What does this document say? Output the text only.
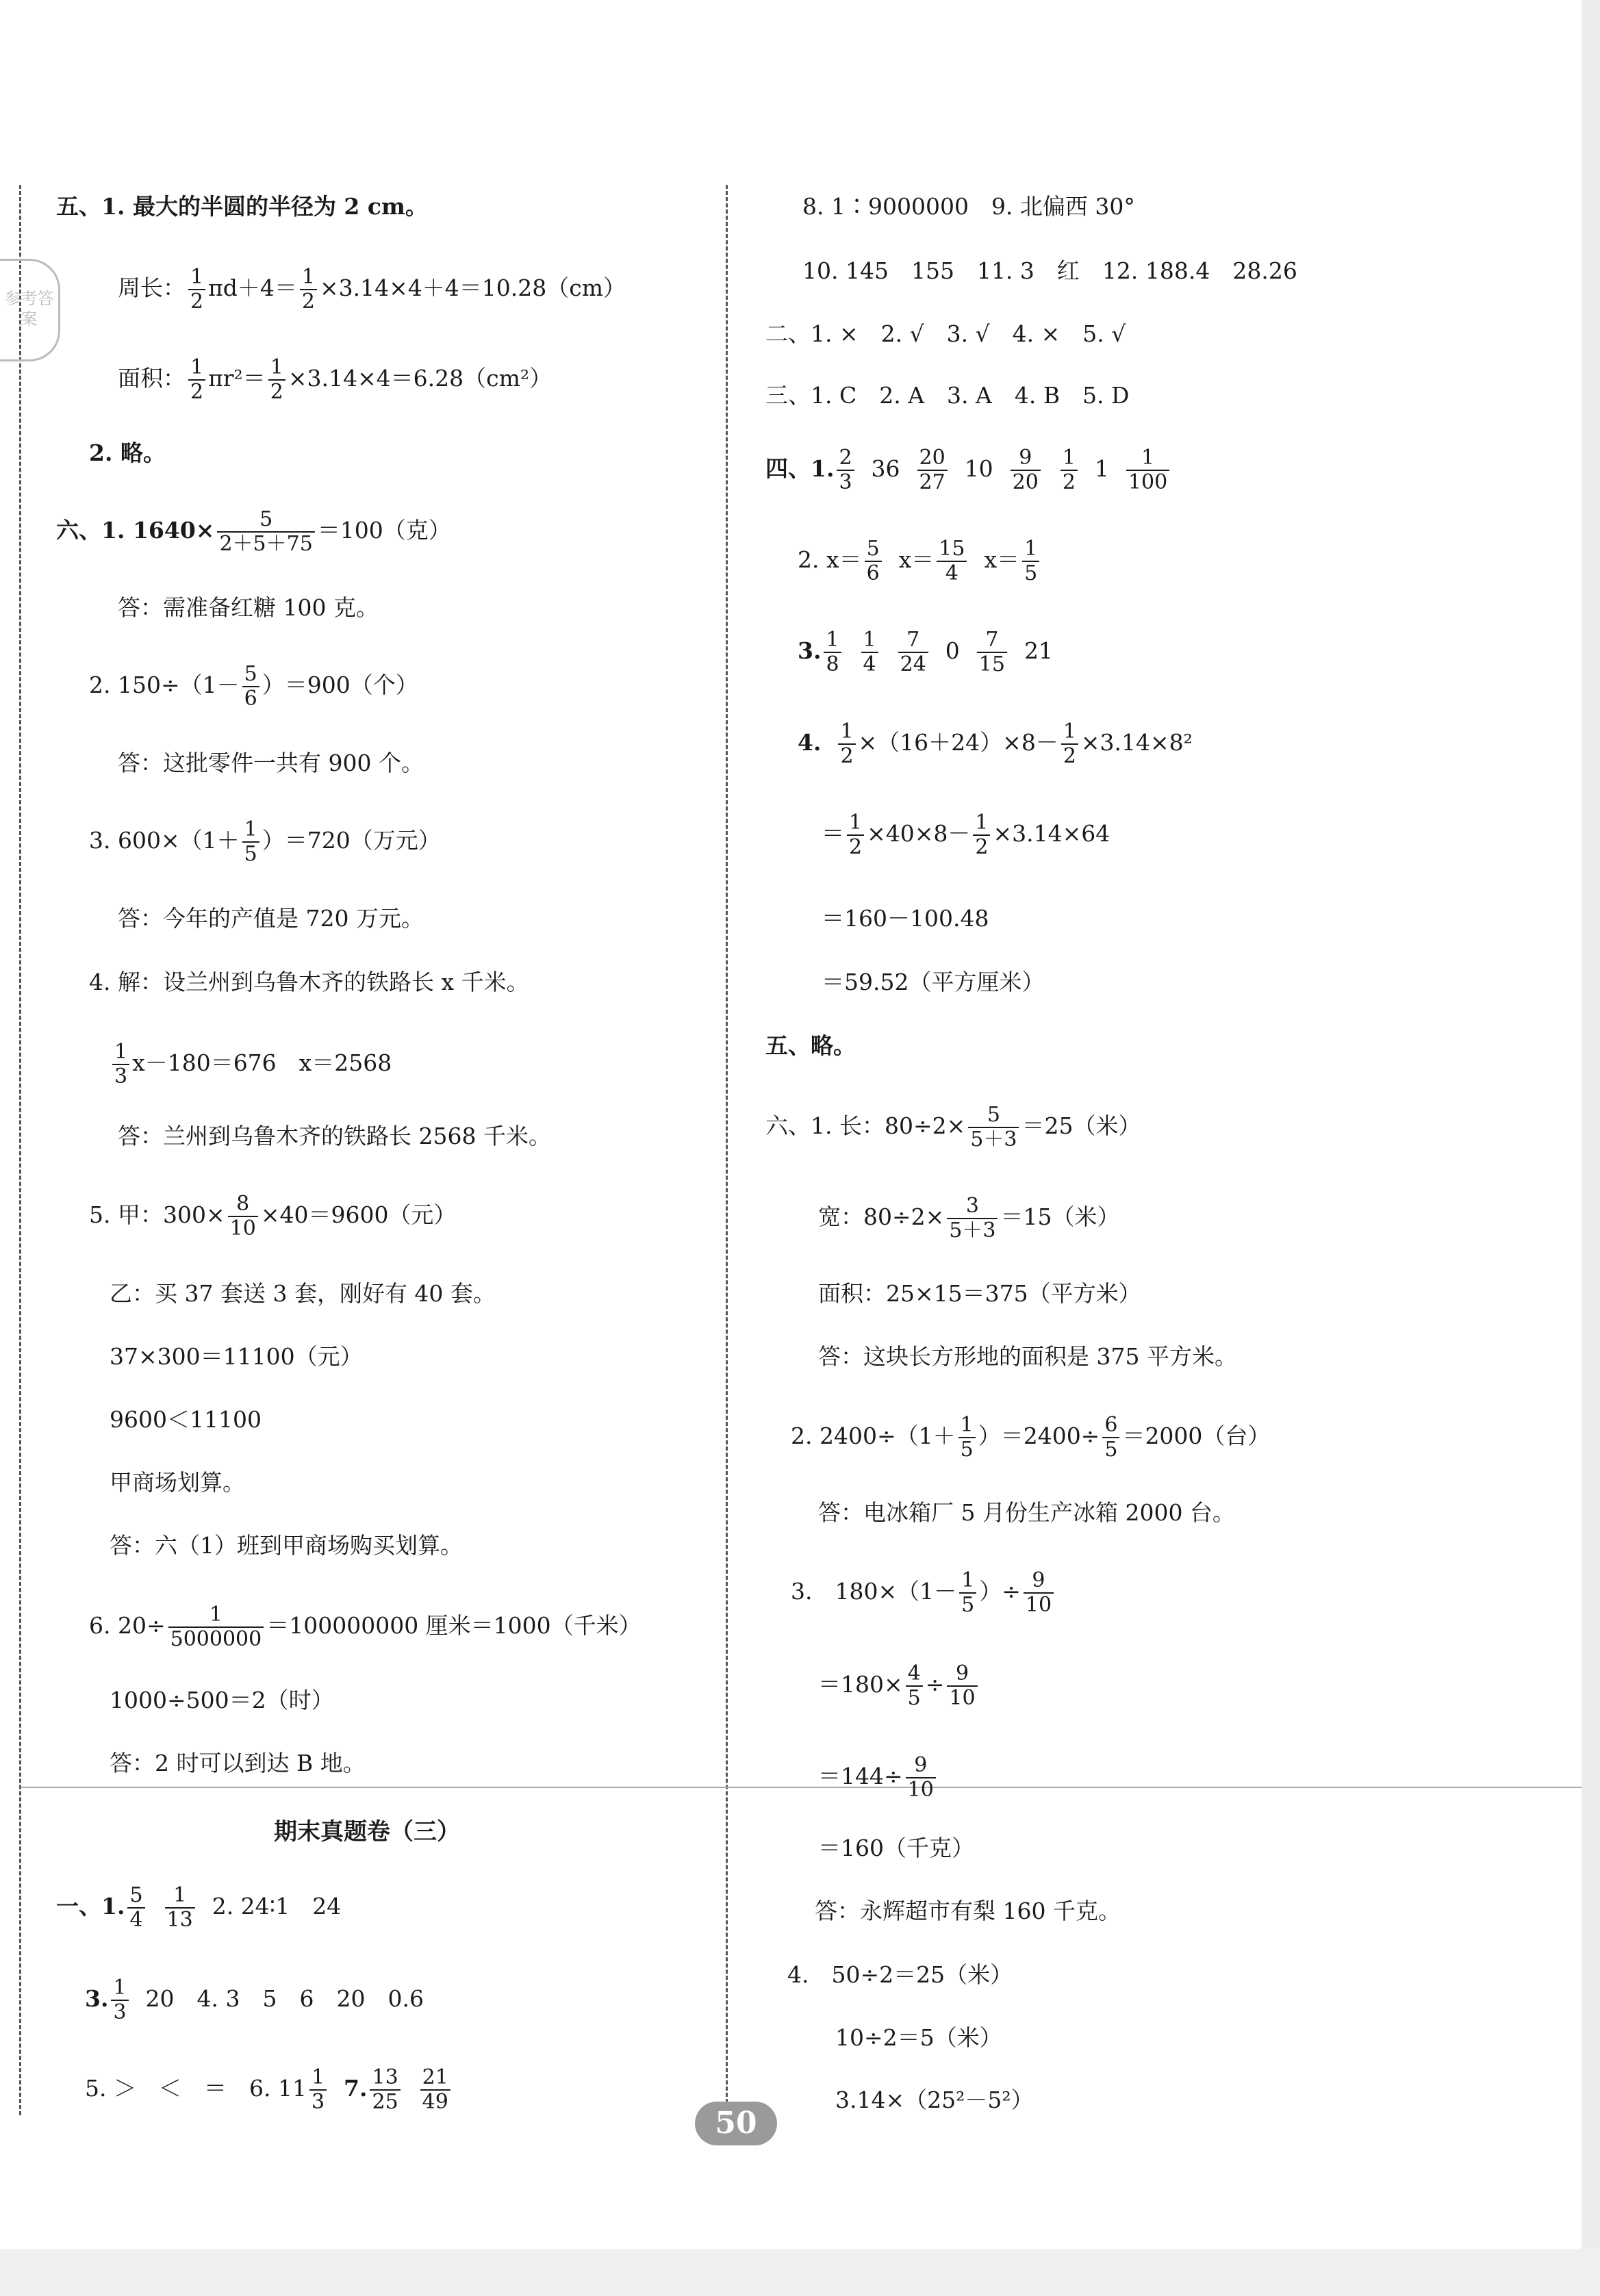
参考答案
五、1. 最大的半圆的半径为 2 cm。
周长： $\frac{1}{2} \pi d+4= \frac{1}{2} \times 3.14\times 4+4=10.28(cm)$
面积： $\frac{1}{2} \pi r^2= \frac{1}{2} \times 3.14\times 4=6.28(cm^2)$
2. 略。
六、1. $1640\times \frac{5}{2+5+75} =100$（克）
答：需准备红糖 100 克。
2. $150\div(1- \frac{5}{6} )=900$（个）
答：这批零件一共有 900 个。
3. $600\times(1+ \frac{1}{5} )=720$（万元）
答：今年的产值是 720 万元。
4. 解：设兰州到乌鲁木齐的铁路长 x 千米。
$\frac{1}{3} x-180=676$　x＝2568
答：兰州到乌鲁木齐的铁路长 2568 千米。
5. 甲：$300\times \frac{8}{10} \times 40=9600$（元）
乙：买 37 套送 3 套，刚好有 40 套。
37×300＝11100（元）
9600＜11100
甲商场划算。
答：六（1）班到甲商场购买划算。
6. $20\div \frac{1}{5000000} =100000000$ 厘米＝1000（千米）
1000÷500＝2（时）
答：2 时可以到达 B 地。
期末真题卷（三）
一、1. $\frac{5}{4}$
$\frac{1}{13} 2$. 24∶1　24
3. $\frac{1}{3} 20$　4. 3　5　6　20　0.6
5. ＞　＜　＝　6. $11 \frac{1}{3} 7$. $\frac{13}{25}$
$\frac{21}{49}$
8. 1∶9000000　9. 北偏西 30°
10. 145　155　11. 3　红　12. 188.4　28.26
二、1. ×　2. √　3. √　4. ×　5. √
三、1. C　2. A　3. A　4. B　5. D
四、1. $\frac{2}{3} 36 \frac{20}{27} 10 \frac{9}{20}$
$\frac{1}{2} 1 \frac{1}{100}$
2. $x= \frac{5}{6} x= \frac{15}{4} x= \frac{1}{5}$
3. $\frac{1}{8}$
$\frac{1}{4}$
$\frac{7}{24} 0 \frac{7}{15} 21$
4. $\frac{1}{2} \times(16+24)\times 8- \frac{1}{2} \times 3.14\times 8^2$
＝ $\frac{1}{2} \times 40\times 8- \frac{1}{2} \times 3.14\times 64$
＝160－100.48
＝59.52（平方厘米）
五、略。
六、1. 长：$80\div 2\times \frac{5}{5+3} =25$（米）
宽：$80\div 2\times \frac{3}{5+3} =15$（米）
面积：25×15＝375（平方米）
答：这块长方形地的面积是 375 平方米。
2. $2400\div(1+ \frac{1}{5} )=2400\div \frac{6}{5} =2000$（台）
答：电冰箱厂 5 月份生产冰箱 2000 台。
3.　$180\times(1- \frac{1}{5}$ ）÷ $\frac{9}{10}$
$=180\times \frac{4}{5} \div \frac{9}{10}$
$=144\div \frac{9}{10}$
＝160（千克）
答：永辉超市有梨 160 千克。
4.　50÷2＝25（米）
10÷2＝5（米）
3.14×（25²－5²）
50
